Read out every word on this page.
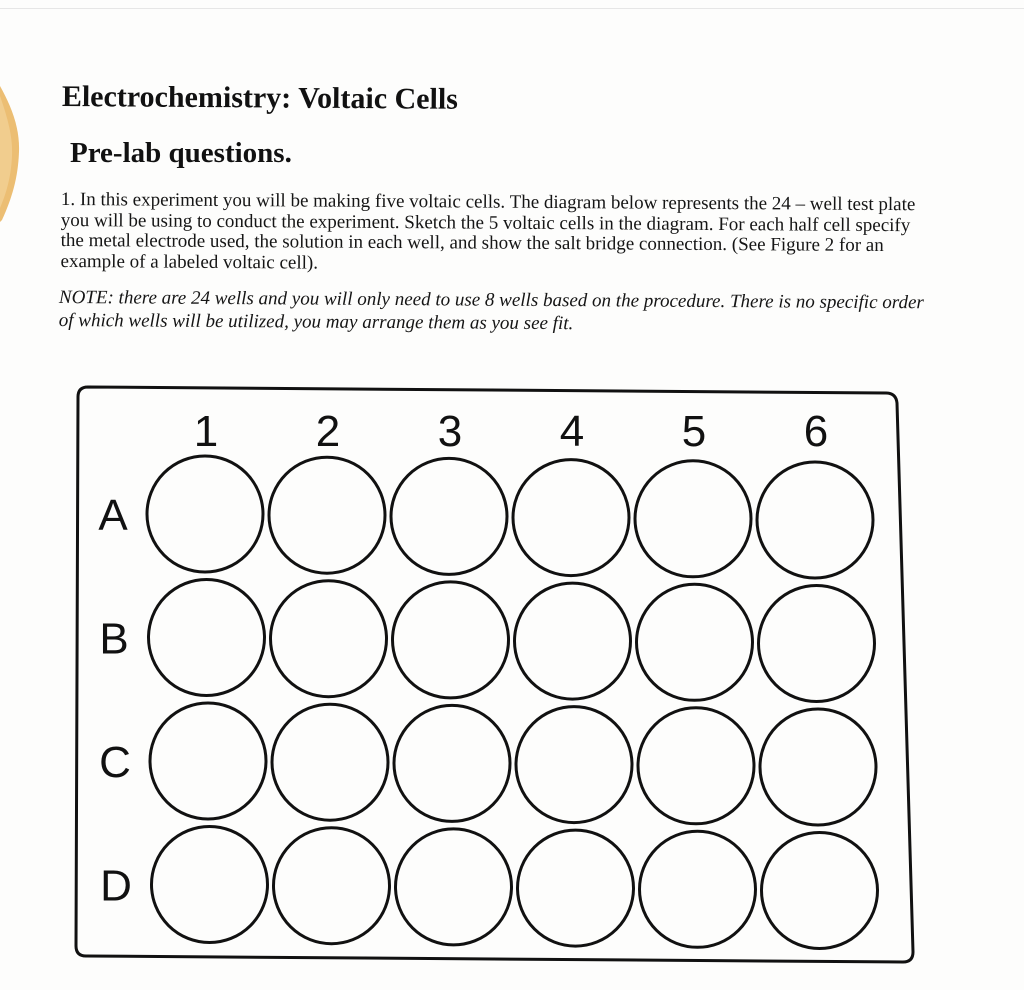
Electrochemistry: Voltaic Cells
Pre-lab questions.

1. In this experiment you will be making five voltaic cells. The diagram below represents the 24 – well test plate you will be using to conduct the experiment. Sketch the 5 voltaic cells in the diagram. For each half cell specify the metal electrode used, the solution in each well, and show the salt bridge connection. (See Figure 2 for an example of a labeled voltaic cell).

NOTE: there are 24 wells and you will only need to use 8 wells based on the procedure. There is no specific order of which wells will be utilized, you may arrange them as you see fit.

1 2 3 4 5 6
A
B
C
D
